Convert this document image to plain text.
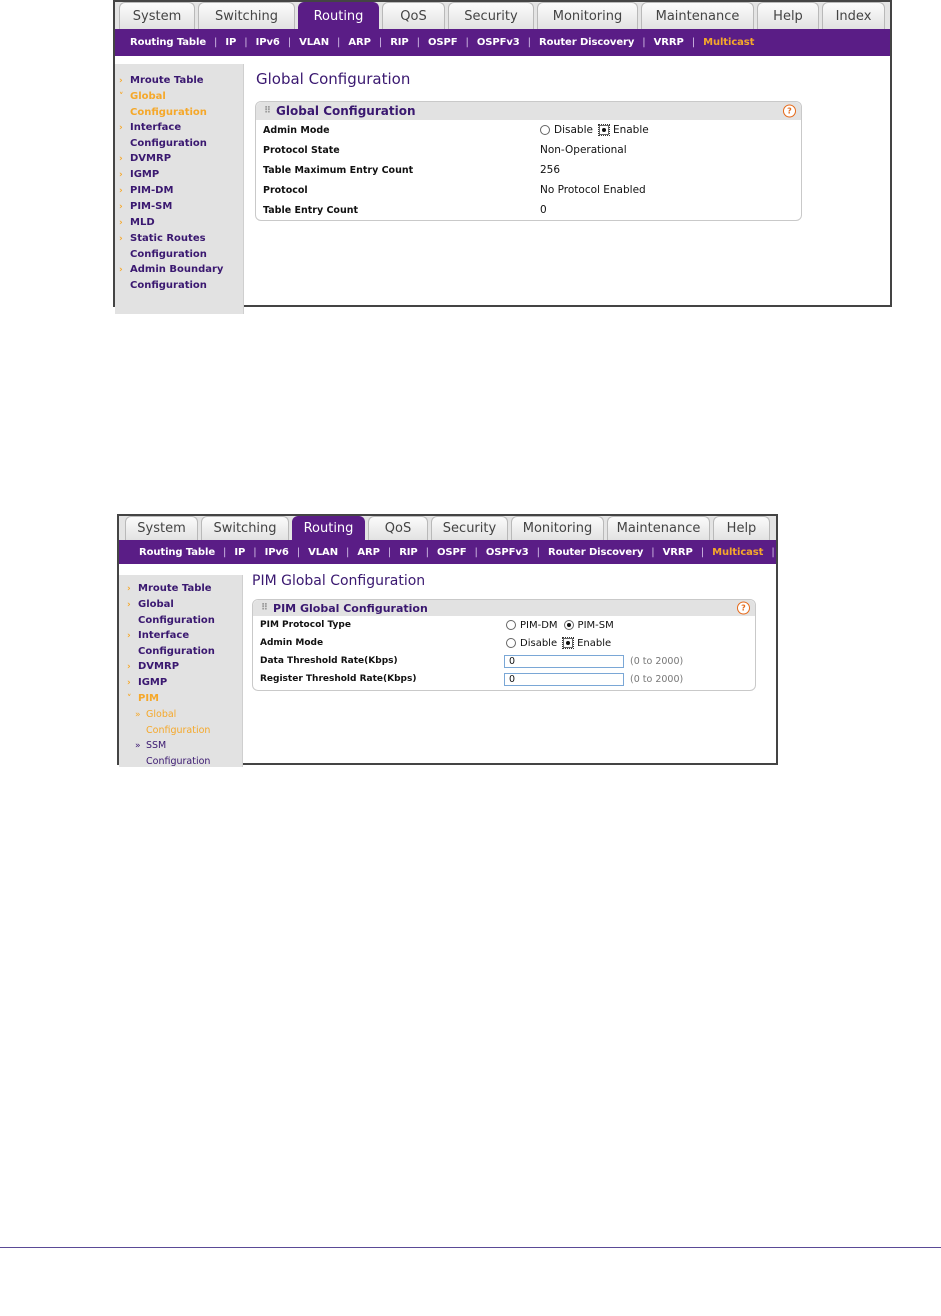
System	Switching	Routing	QoS	Security	Monitoring	Maintenance	Help	Index
Routing Table | IP | IPv6 | VLAN | ARP | RIP | OSPF | OSPFv3 | Router Discovery | VRRP | Multicast
› Mroute Table
˅ Global
Configuration
› Interface
Configuration
› DVMRP
› IGMP
› PIM-DM
› PIM-SM
› MLD
› Static Routes
Configuration
› Admin Boundary
Configuration
Global Configuration
⠿ Global Configuration	?
Admin Mode	Disable Enable
Protocol State	Non-Operational
Table Maximum Entry Count	256
Protocol	No Protocol Enabled
Table Entry Count	0
System	Switching	Routing	QoS	Security	Monitoring	Maintenance	Help
Routing Table | IP | IPv6 | VLAN | ARP | RIP | OSPF | OSPFv3 | Router Discovery | VRRP | Multicast | IPv6 Multicast
› Mroute Table
› Global
Configuration
› Interface
Configuration
› DVMRP
› IGMP
˅ PIM
» Global
Configuration
» SSM
Configuration
PIM Global Configuration
⠿ PIM Global Configuration	?
PIM Protocol Type	PIM-DM PIM-SM
Admin Mode	Disable Enable
Data Threshold Rate(Kbps)	0	(0 to 2000)
Register Threshold Rate(Kbps)	0	(0 to 2000)
